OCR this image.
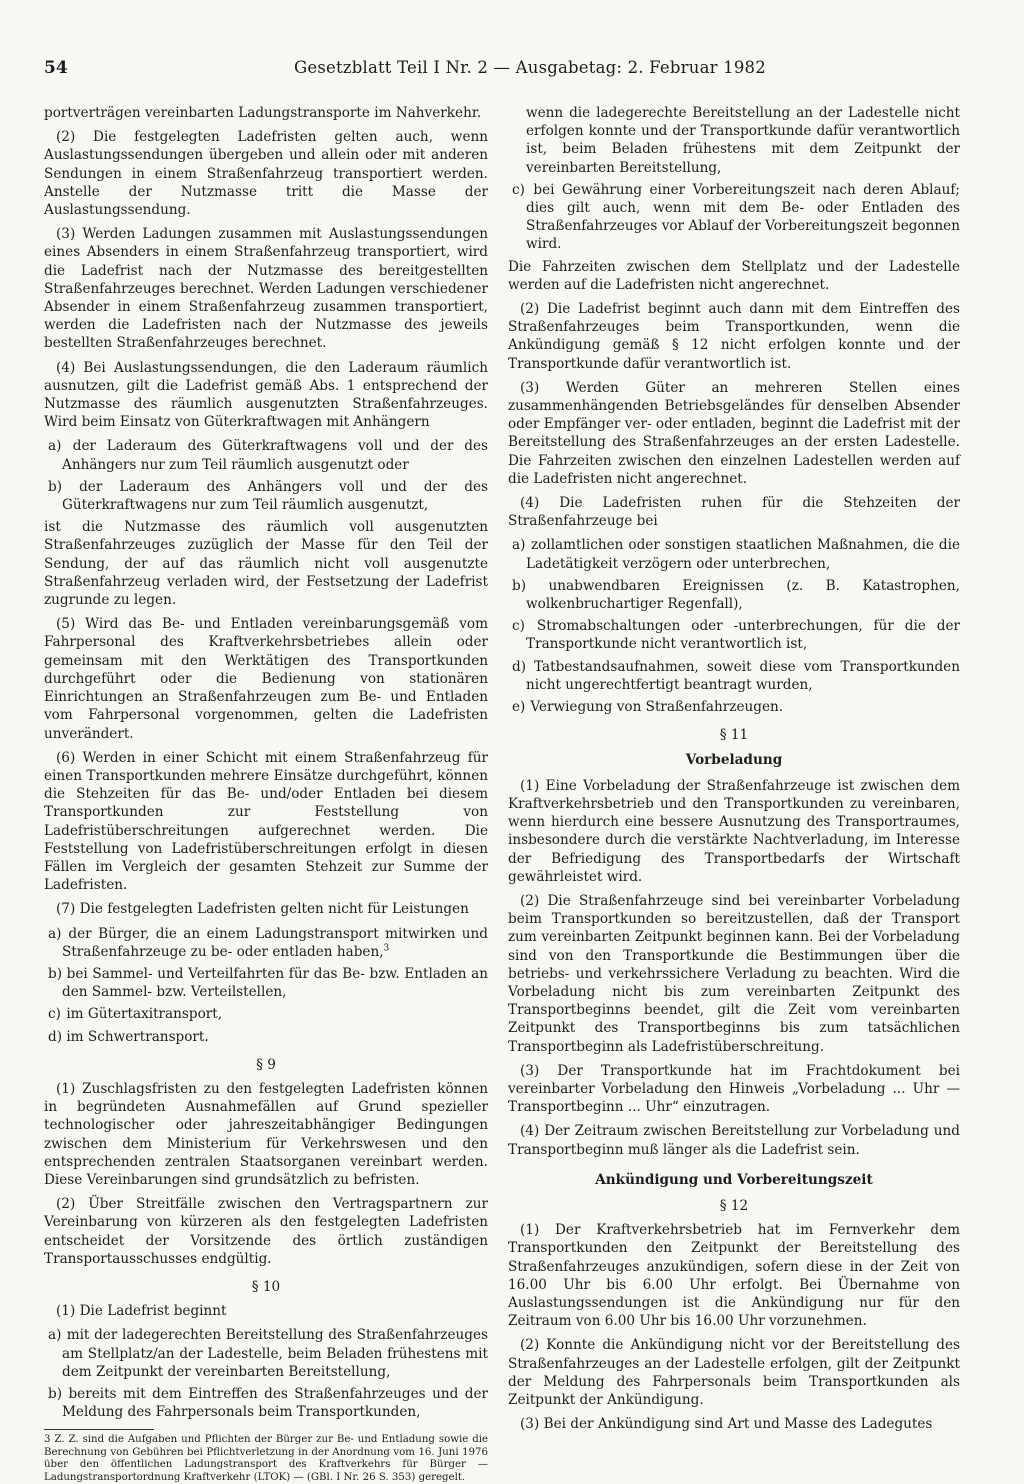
54	Gesetzblatt Teil I Nr. 2 — Ausgabetag: 2. Februar 1982

portverträgen vereinbarten Ladungstransporte im Nahverkehr.

(2) Die festgelegten Ladefristen gelten auch, wenn Auslastungssendungen übergeben und allein oder mit anderen Sendungen in einem Straßenfahrzeug transportiert werden. Anstelle der Nutzmasse tritt die Masse der Auslastungssendung.

(3) Werden Ladungen zusammen mit Auslastungssendungen eines Absenders in einem Straßenfahrzeug transportiert, wird die Ladefrist nach der Nutzmasse des bereitgestellten Straßenfahrzeuges berechnet. Werden Ladungen verschiedener Absender in einem Straßenfahrzeug zusammen transportiert, werden die Ladefristen nach der Nutzmasse des jeweils bestellten Straßenfahrzeuges berechnet.

(4) Bei Auslastungssendungen, die den Laderaum räumlich ausnutzen, gilt die Ladefrist gemäß Abs. 1 entsprechend der Nutzmasse des räumlich ausgenutzten Straßenfahrzeuges. Wird beim Einsatz von Güterkraftwagen mit Anhängern

a) der Laderaum des Güterkraftwagens voll und der des Anhängers nur zum Teil räumlich ausgenutzt oder
b) der Laderaum des Anhängers voll und der des Güterkraftwagens nur zum Teil räumlich ausgenutzt,

ist die Nutzmasse des räumlich voll ausgenutzten Straßenfahrzeuges zuzüglich der Masse für den Teil der Sendung, der auf das räumlich nicht voll ausgenutzte Straßenfahrzeug verladen wird, der Festsetzung der Ladefrist zugrunde zu legen.

(5) Wird das Be- und Entladen vereinbarungsgemäß vom Fahrpersonal des Kraftverkehrsbetriebes allein oder gemeinsam mit den Werktätigen des Transportkunden durchgeführt oder die Bedienung von stationären Einrichtungen an Straßenfahrzeugen zum Be- und Entladen vom Fahrpersonal vorgenommen, gelten die Ladefristen unverändert.

(6) Werden in einer Schicht mit einem Straßenfahrzeug für einen Transportkunden mehrere Einsätze durchgeführt, können die Stehzeiten für das Be- und/oder Entladen bei diesem Transportkunden zur Feststellung von Ladefristüberschreitungen aufgerechnet werden. Die Feststellung von Ladefristüberschreitungen erfolgt in diesen Fällen im Vergleich der gesamten Stehzeit zur Summe der Ladefristen.

(7) Die festgelegten Ladefristen gelten nicht für Leistungen

a) der Bürger, die an einem Ladungstransport mitwirken und Straßenfahrzeuge zu be- oder entladen haben,$^3$
b) bei Sammel- und Verteilfahrten für das Be- bzw. Entladen an den Sammel- bzw. Verteilstellen,
c) im Gütertaxitransport,
d) im Schwertransport.

§ 9

(1) Zuschlagsfristen zu den festgelegten Ladefristen können in begründeten Ausnahmefällen auf Grund spezieller technologischer oder jahreszeitabhängiger Bedingungen zwischen dem Ministerium für Verkehrswesen und den entsprechenden zentralen Staatsorganen vereinbart werden. Diese Vereinbarungen sind grundsätzlich zu befristen.

(2) Über Streitfälle zwischen den Vertragspartnern zur Vereinbarung von kürzeren als den festgelegten Ladefristen entscheidet der Vorsitzende des örtlich zuständigen Transportausschusses endgültig.

§ 10

(1) Die Ladefrist beginnt

a) mit der ladegerechten Bereitstellung des Straßenfahrzeuges am Stellplatz/an der Ladestelle, beim Beladen frühestens mit dem Zeitpunkt der vereinbarten Bereitstellung,
b) bereits mit dem Eintreffen des Straßenfahrzeuges und der Meldung des Fahrpersonals beim Transportkunden,

3 Z. Z. sind die Aufgaben und Pflichten der Bürger zur Be- und Entladung sowie die Berechnung von Gebühren bei Pflichtverletzung in der Anordnung vom 16. Juni 1976 über den öffentlichen Ladungstransport des Kraftverkehrs für Bürger — Ladungstransportordnung Kraftverkehr (LTOK) — (GBl. I Nr. 26 S. 353) geregelt.

wenn die ladegerechte Bereitstellung an der Ladestelle nicht erfolgen konnte und der Transportkunde dafür verantwortlich ist, beim Beladen frühestens mit dem Zeitpunkt der vereinbarten Bereitstellung,
c) bei Gewährung einer Vorbereitungszeit nach deren Ablauf; dies gilt auch, wenn mit dem Be- oder Entladen des Straßenfahrzeuges vor Ablauf der Vorbereitungszeit begonnen wird.

Die Fahrzeiten zwischen dem Stellplatz und der Ladestelle werden auf die Ladefristen nicht angerechnet.

(2) Die Ladefrist beginnt auch dann mit dem Eintreffen des Straßenfahrzeuges beim Transportkunden, wenn die Ankündigung gemäß § 12 nicht erfolgen konnte und der Transportkunde dafür verantwortlich ist.

(3) Werden Güter an mehreren Stellen eines zusammenhängenden Betriebsgeländes für denselben Absender oder Empfänger ver- oder entladen, beginnt die Ladefrist mit der Bereitstellung des Straßenfahrzeuges an der ersten Ladestelle. Die Fahrzeiten zwischen den einzelnen Ladestellen werden auf die Ladefristen nicht angerechnet.

(4) Die Ladefristen ruhen für die Stehzeiten der Straßenfahrzeuge bei

a) zollamtlichen oder sonstigen staatlichen Maßnahmen, die die Ladetätigkeit verzögern oder unterbrechen,
b) unabwendbaren Ereignissen (z. B. Katastrophen, wolkenbruchartiger Regenfall),
c) Stromabschaltungen oder -unterbrechungen, für die der Transportkunde nicht verantwortlich ist,
d) Tatbestandsaufnahmen, soweit diese vom Transportkunden nicht ungerechtfertigt beantragt wurden,
e) Verwiegung von Straßenfahrzeugen.

§ 11

Vorbeladung

(1) Eine Vorbeladung der Straßenfahrzeuge ist zwischen dem Kraftverkehrsbetrieb und den Transportkunden zu vereinbaren, wenn hierdurch eine bessere Ausnutzung des Transportraumes, insbesondere durch die verstärkte Nachtverladung, im Interesse der Befriedigung des Transportbedarfs der Wirtschaft gewährleistet wird.

(2) Die Straßenfahrzeuge sind bei vereinbarter Vorbeladung beim Transportkunden so bereitzustellen, daß der Transport zum vereinbarten Zeitpunkt beginnen kann. Bei der Vorbeladung sind von den Transportkunde die Bestimmungen über die betriebs- und verkehrssichere Verladung zu beachten. Wird die Vorbeladung nicht bis zum vereinbarten Zeitpunkt des Transportbeginns beendet, gilt die Zeit vom vereinbarten Zeitpunkt des Transportbeginns bis zum tatsächlichen Transportbeginn als Ladefristüberschreitung.

(3) Der Transportkunde hat im Frachtdokument bei vereinbarter Vorbeladung den Hinweis „Vorbeladung ... Uhr — Transportbeginn ... Uhr“ einzutragen.

(4) Der Zeitraum zwischen Bereitstellung zur Vorbeladung und Transportbeginn muß länger als die Ladefrist sein.

Ankündigung und Vorbereitungszeit

§ 12

(1) Der Kraftverkehrsbetrieb hat im Fernverkehr dem Transportkunden den Zeitpunkt der Bereitstellung des Straßenfahrzeuges anzukündigen, sofern diese in der Zeit von 16.00 Uhr bis 6.00 Uhr erfolgt. Bei Übernahme von Auslastungssendungen ist die Ankündigung nur für den Zeitraum von 6.00 Uhr bis 16.00 Uhr vorzunehmen.

(2) Konnte die Ankündigung nicht vor der Bereitstellung des Straßenfahrzeuges an der Ladestelle erfolgen, gilt der Zeitpunkt der Meldung des Fahrpersonals beim Transportkunden als Zeitpunkt der Ankündigung.

(3) Bei der Ankündigung sind Art und Masse des Ladegutes
